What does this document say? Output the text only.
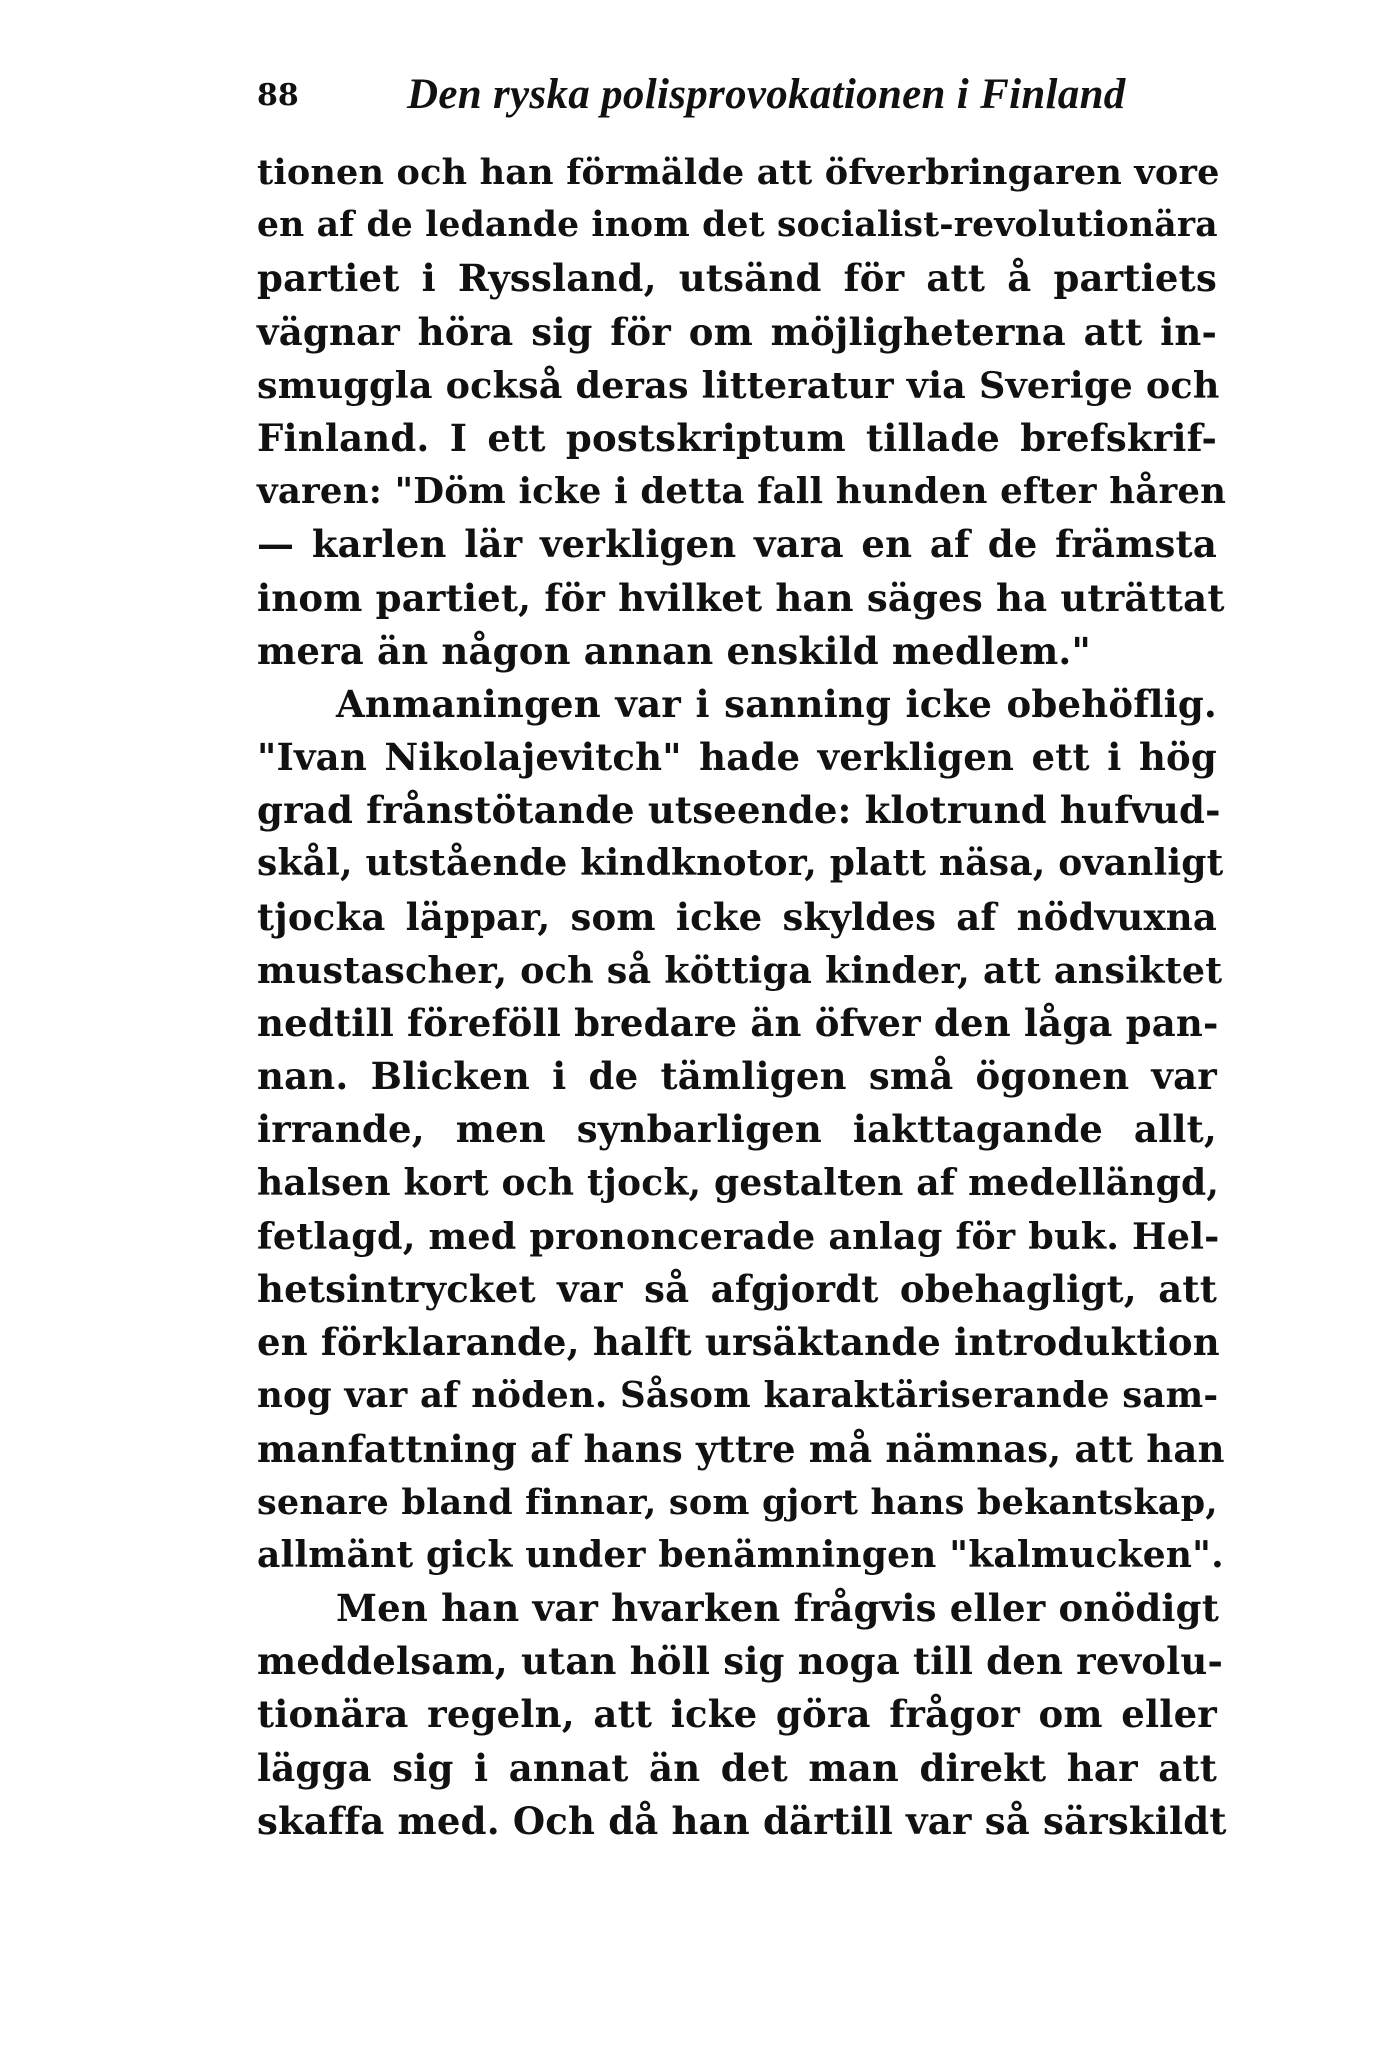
88	Den ryska polisprovokationen i Finland
tionen och han förmälde att öfverbringaren vore
en af de ledande inom det socialist-revolutionära
partiet i Ryssland, utsänd för att å partiets
vägnar höra sig för om möjligheterna att in-
smuggla också deras litteratur via Sverige och
Finland. I ett postskriptum tillade brefskrif-
varen: "Döm icke i detta fall hunden efter håren
— karlen lär verkligen vara en af de främsta
inom partiet, för hvilket han säges ha uträttat
mera än någon annan enskild medlem."
Anmaningen var i sanning icke obehöflig.
"Ivan Nikolajevitch" hade verkligen ett i hög
grad frånstötande utseende: klotrund hufvud-
skål, utstående kindknotor, platt näsa, ovanligt
tjocka läppar, som icke skyldes af nödvuxna
mustascher, och så köttiga kinder, att ansiktet
nedtill föreföll bredare än öfver den låga pan-
nan. Blicken i de tämligen små ögonen var
irrande, men synbarligen iakttagande allt,
halsen kort och tjock, gestalten af medellängd,
fetlagd, med prononcerade anlag för buk. Hel-
hetsintrycket var så afgjordt obehagligt, att
en förklarande, halft ursäktande introduktion
nog var af nöden. Såsom karaktäriserande sam-
manfattning af hans yttre må nämnas, att han
senare bland finnar, som gjort hans bekantskap,
allmänt gick under benämningen "kalmucken".
Men han var hvarken frågvis eller onödigt
meddelsam, utan höll sig noga till den revolu-
tionära regeln, att icke göra frågor om eller
lägga sig i annat än det man direkt har att
skaffa med. Och då han därtill var så särskildt
